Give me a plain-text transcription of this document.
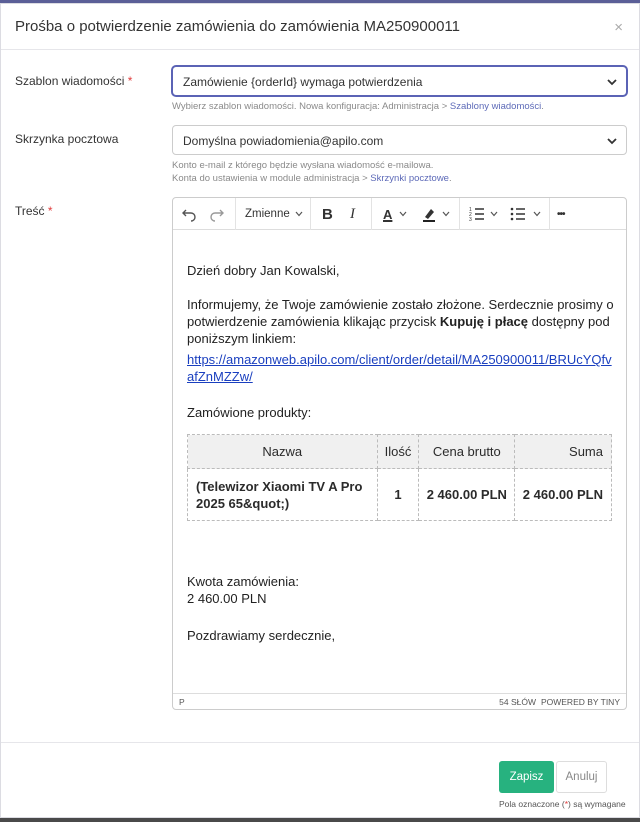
Prośba o potwierdzenie zamówienia do zamówienia MA250900011	×
Szablon wiadomości *	Zamówienie {orderId} wymaga potwierdzenia
Wybierz szablon wiadomości. Nowa konfiguracja: Administracja > Szablony wiadomości.
Skrzynka pocztowa	Domyślna powiadomienia@apilo.com
Konto e-mail z którego będzie wysłana wiadomość e-mailowa.
Konta do ustawienia w module administracja > Skrzynki pocztowe.
Treść *	Zmienne B I A	1
2
3
•••

Dzień dobry Jan Kowalski,

Informujemy, że Twoje zamówienie zostało złożone. Serdecznie prosimy o potwierdzenie zamówienia klikając przycisk Kupuję i płacę dostępny pod poniższym linkiem:
https://amazonweb.apilo.com/client/order/detail/MA250900011/BRUcYQfv
afZnMZZw/
Zamówione produkty:
Nazwa	Ilość	Cena brutto	Suma
(Telewizor Xiaomi TV A Pro
2025 65&quot;)	1	2 460.00 PLN	2 460.00 PLN
Kwota zamówienia:
2 460.00 PLN
Pozdrawiamy serdecznie,
P	54 SŁÓW POWERED BY TINY
Zapisz	Anuluj
Pola oznaczone (*) są wymagane
